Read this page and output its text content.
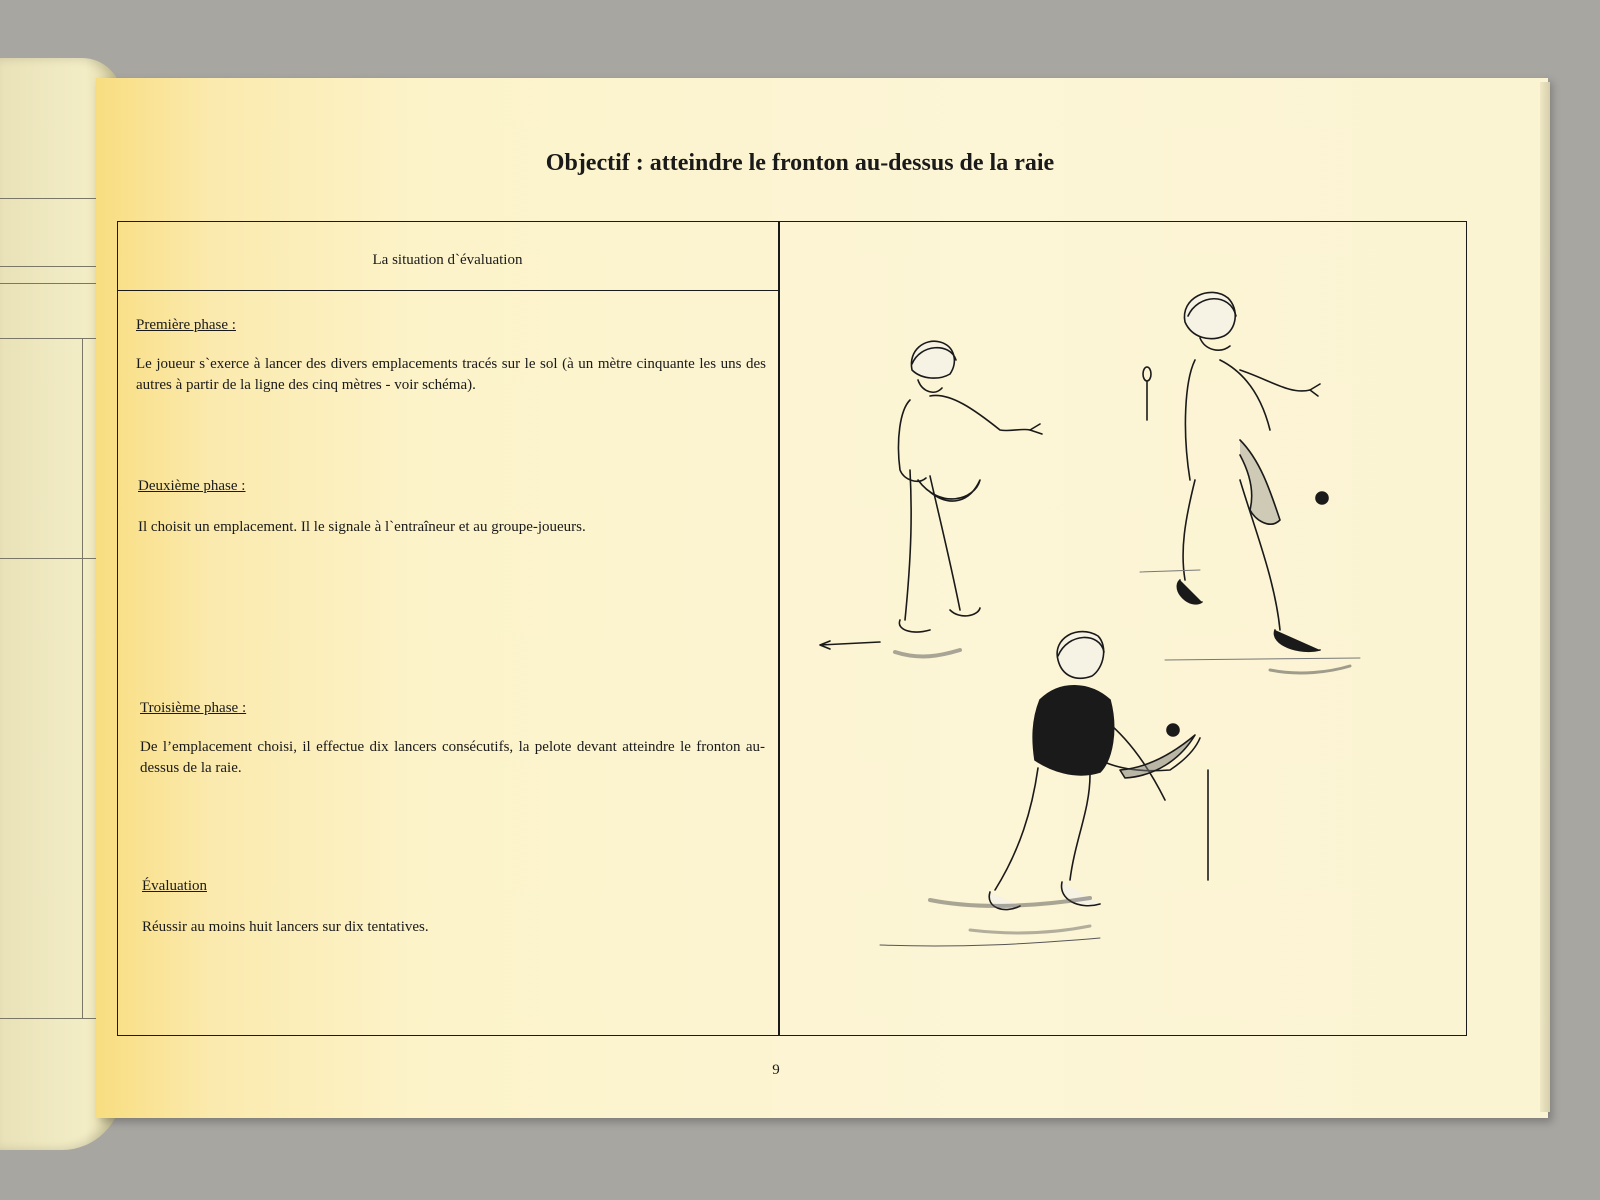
Objectif : atteindre le fronton au-dessus de la raie
La situation d`évaluation
Première phase :
Le joueur s`exerce à lancer des divers emplacements tracés sur le sol (à un mètre cinquante les uns des autres à partir de la ligne des cinq mètres - voir schéma).
Deuxième phase :
Il choisit un emplacement. Il le signale à l`entraîneur et au groupe-joueurs.
Troisième phase :
De l’emplacement choisi, il effectue dix lancers consécutifs, la pelote devant atteindre le fronton au-dessus de la raie.
Évaluation
Réussir au moins huit lancers sur dix tentatives.
9
